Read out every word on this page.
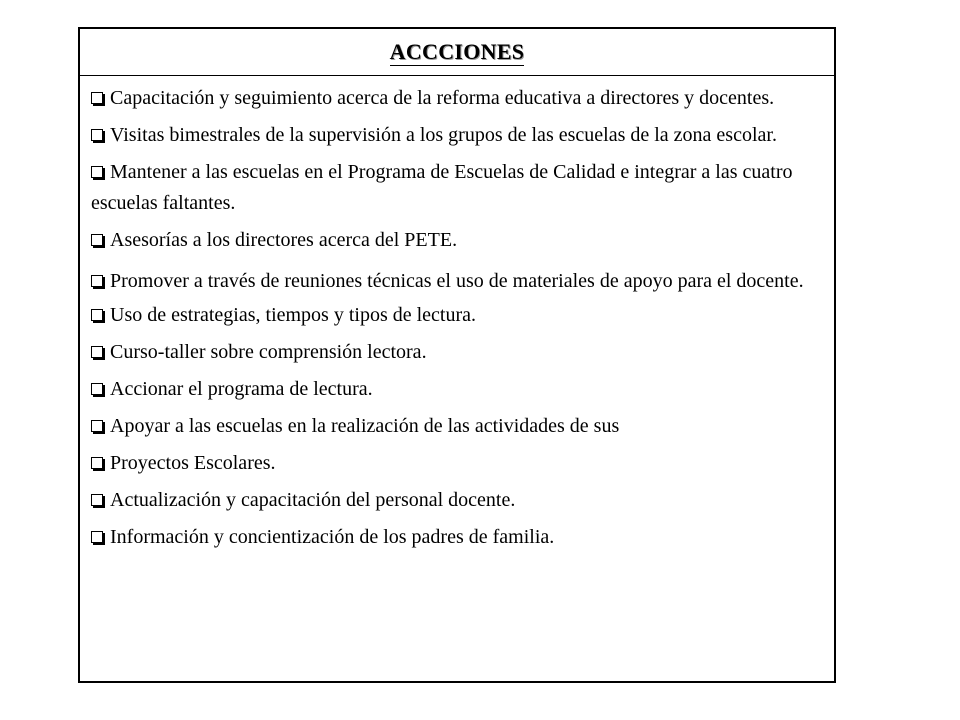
ACCCIONES
Capacitación y seguimiento acerca de la reforma educativa a directores y docentes.
Visitas bimestrales de la supervisión a los grupos de las escuelas de la zona escolar.
Mantener a las escuelas en el Programa de Escuelas de Calidad e integrar a las cuatro escuelas faltantes.
Asesorías a los directores acerca del PETE.
Promover a través de reuniones técnicas el uso de materiales de apoyo para el docente.
Uso de estrategias, tiempos y tipos de lectura.
Curso-taller sobre comprensión lectora.
Accionar el programa de lectura.
Apoyar a las escuelas en la realización de las actividades de sus
Proyectos Escolares.
Actualización y capacitación del personal docente.
Información y concientización de los padres de familia.
